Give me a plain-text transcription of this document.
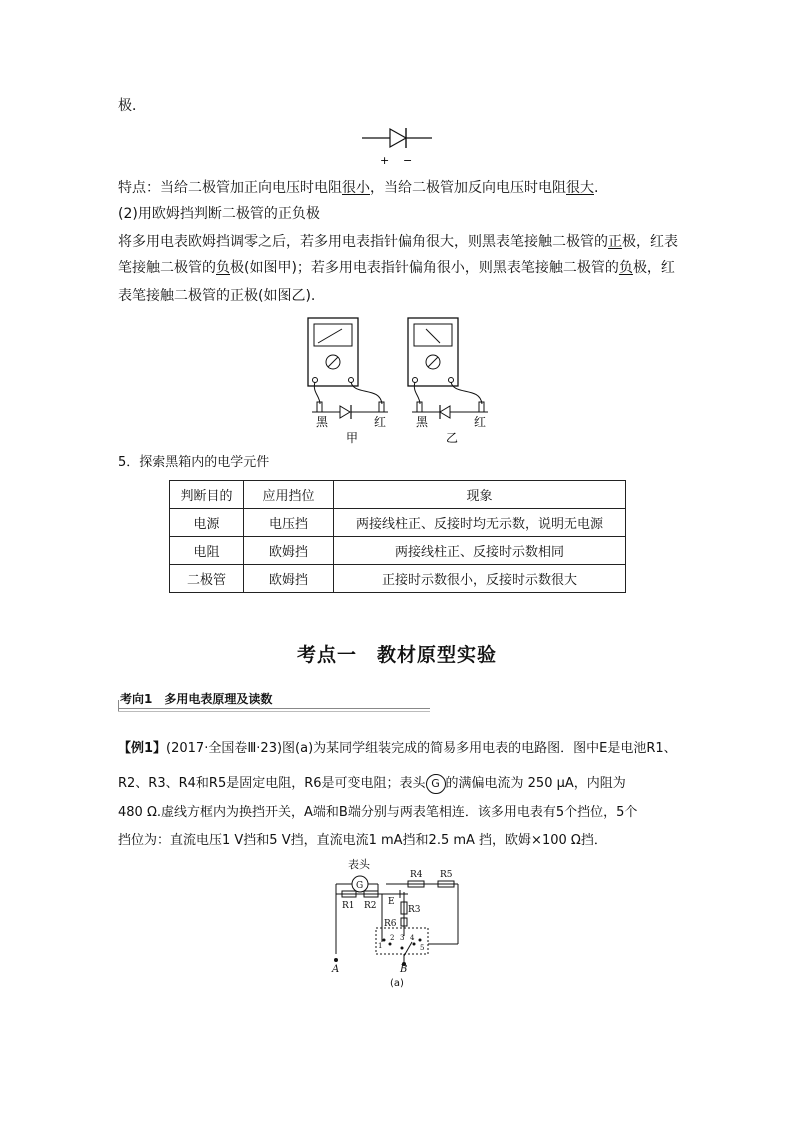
极．
+ −
特点：当给二极管加正向电压时电阻很小，当给二极管加反向电压时电阻很大.
(2)用欧姆挡判断二极管的正负极
将多用电表欧姆挡调零之后，若多用电表指针偏角很大，则黑表笔接触二极管的正极，红表
笔接触二极管的负极(如图甲)；若多用电表指针偏角很小，则黑表笔接触二极管的负极，红
表笔接触二极管的正极(如图乙).
黑	红
甲
黑	红
乙
5．探索黑箱内的电学元件
判断目的	应用挡位	现象
电源	电压挡	两接线柱正、反接时均无示数，说明无电源
电阻	欧姆挡	两接线柱正、反接时示数相同
二极管	欧姆挡	正接时示数很小，反接时示数很大
考点一　教材原型实验
考向1　多用电表原理及读数
【例1】(2017·全国卷Ⅲ·23)图(a)为某同学组装完成的简易多用电表的电路图．图中E是电池R1、
R2、R3、R4和R5是固定电阻，R6是可变电阻；表头 G 的满偏电流为 250 μA，内阻为
480 Ω.虚线方框内为换挡开关，A端和B端分别与两表笔相连．该多用电表有5个挡位，5个
挡位为：直流电压1 V挡和5 V挡，直流电流1 mA挡和2.5 mA 挡，欧姆×100 Ω挡．
表头
G
R1 R2
R4 R5
E
R3
R6
1
2 3 4
5
A	B
(a)
